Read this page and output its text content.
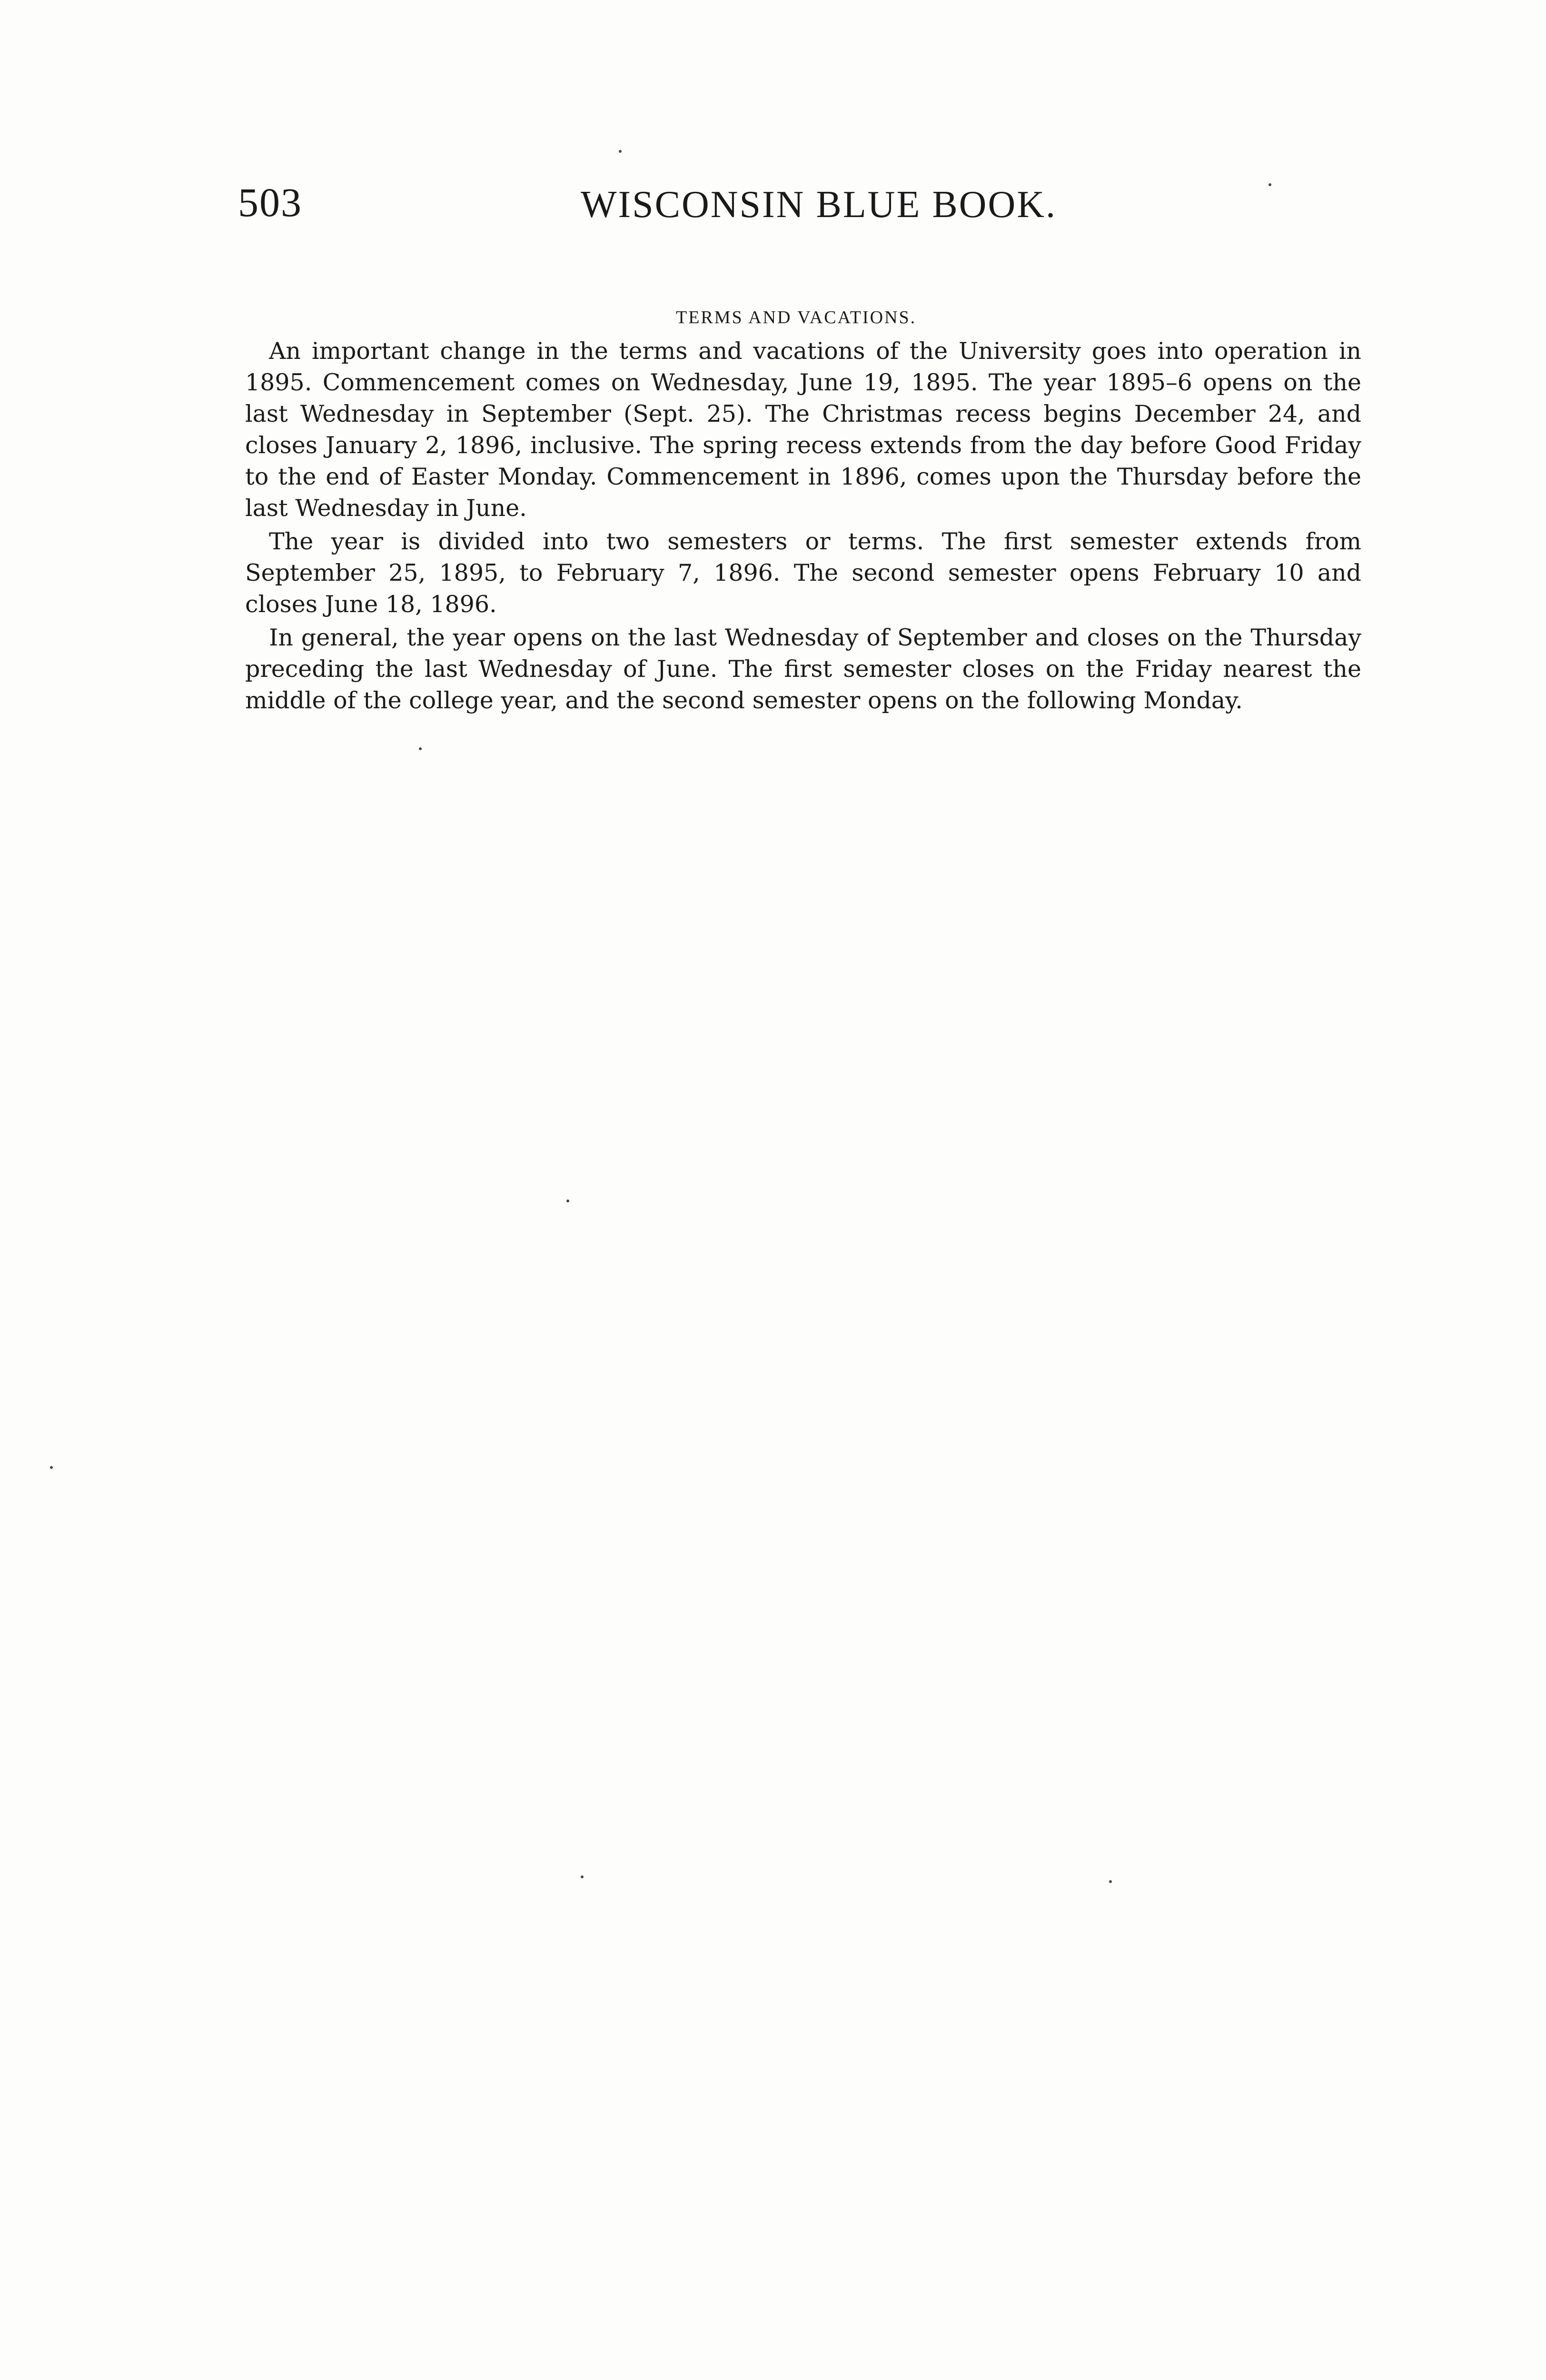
503	WISCONSIN BLUE BOOK.
TERMS AND VACATIONS.

An important change in the terms and vacations of the University goes into operation in 1895. Commencement comes on Wednesday, June 19, 1895. The year 1895–6 opens on the last Wednesday in September (Sept. 25). The Christmas recess begins December 24, and closes January 2, 1896, inclusive. The spring recess extends from the day before Good Friday to the end of Easter Monday. Commencement in 1896, comes upon the Thursday before the last Wednesday in June.

The year is divided into two semesters or terms. The first semester extends from September 25, 1895, to February 7, 1896. The second semester opens February 10 and closes June 18, 1896.

In general, the year opens on the last Wednesday of September and closes on the Thursday preceding the last Wednesday of June. The first semester closes on the Friday nearest the middle of the college year, and the second semester opens on the following Monday.
